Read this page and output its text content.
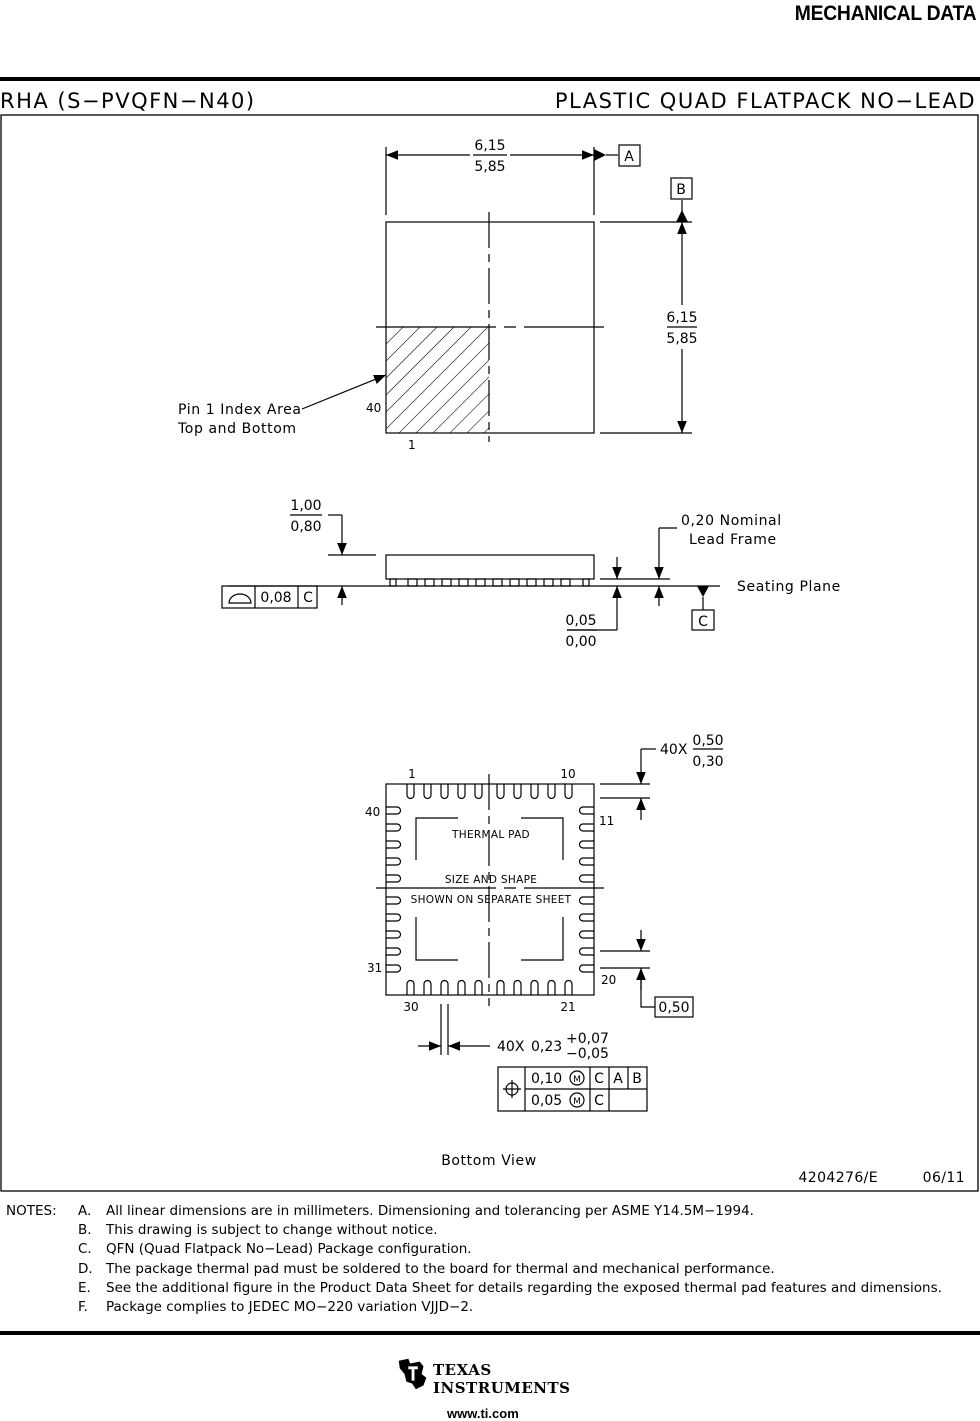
MECHANICAL DATA
RHA (S−PVQFN−N40)	PLASTIC QUAD FLATPACK NO−LEAD
6,15
5,85
A
B
6,15
5,85
Pin 1 Index Area
Top and Bottom
40
1
1,00
0,80
0,08 C
0,20 Nominal
Lead Frame
Seating Plane
C
0,05
0,00
1	10
11
20
21
30
31
40
THERMAL PAD
SIZE AND SHAPE
SHOWN ON SEPARATE SHEET
40X
0,50
0,30
0,50
40X 0,23 +0,07
−0,05
0,10 M C A B
0,05 M C
Bottom View
4204276/E	06/11
NOTES:	A.	All linear dimensions are in millimeters. Dimensioning and tolerancing per ASME Y14.5M−1994.
B.	This drawing is subject to change without notice.
C.	QFN (Quad Flatpack No−Lead) Package configuration.
D. The package thermal pad must be soldered to the board for thermal and mechanical performance.
E.	See the additional figure in the Product Data Sheet for details regarding the exposed thermal pad features and dimensions.
F.	Package complies to JEDEC MO−220 variation VJJD−2.
TEXAS
INSTRUMENTS
www.ti.com
